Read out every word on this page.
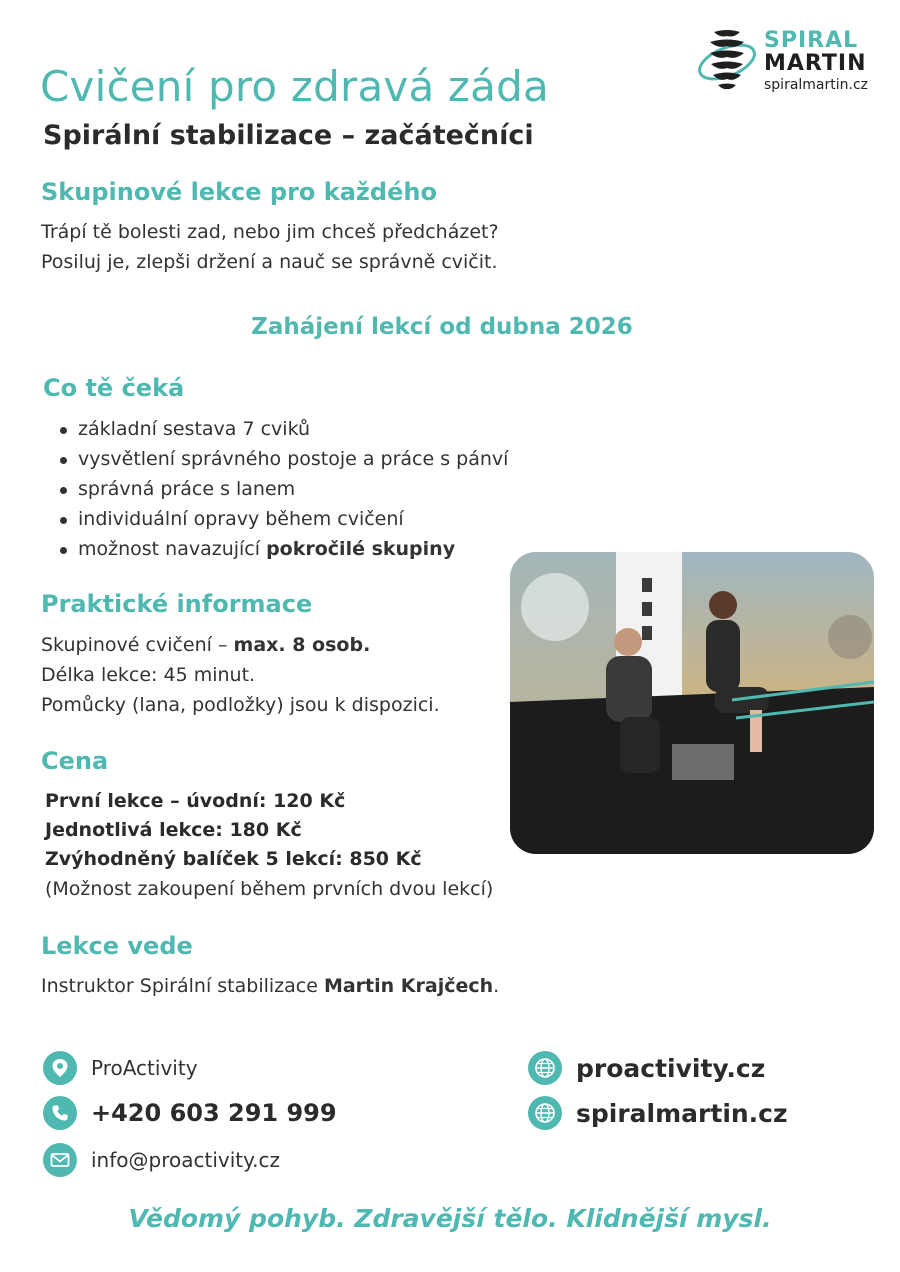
SPIRAL
MARTIN
spiralmartin.cz
Cvičení pro zdravá záda
Spirální stabilizace – začátečníci
Skupinové lekce pro každého
Trápí tě bolesti zad, nebo jim chceš předcházet?
Posiluj je, zlepši držení a nauč se správně cvičit.
Zahájení lekcí od dubna 2026
Co tě čeká
základní sestava 7 cviků
vysvětlení správného postoje a práce s pánví
správná práce s lanem
individuální opravy během cvičení
možnost navazující pokročilé skupiny
Praktické informace
Skupinové cvičení – max. 8 osob.
Délka lekce: 45 minut.
Pomůcky (lana, podložky) jsou k dispozici.
Cena
První lekce – úvodní: 120 Kč
Jednotlivá lekce: 180 Kč
Zvýhodněný balíček 5 lekcí: 850 Kč
(Možnost zakoupení během prvních dvou lekcí)
Lekce vede
Instruktor Spirální stabilizace Martin Krajčech.
ProActivity
+420 603 291 999
info@proactivity.cz
proactivity.cz
spiralmartin.cz
Vědomý pohyb. Zdravější tělo. Klidnější mysl.
